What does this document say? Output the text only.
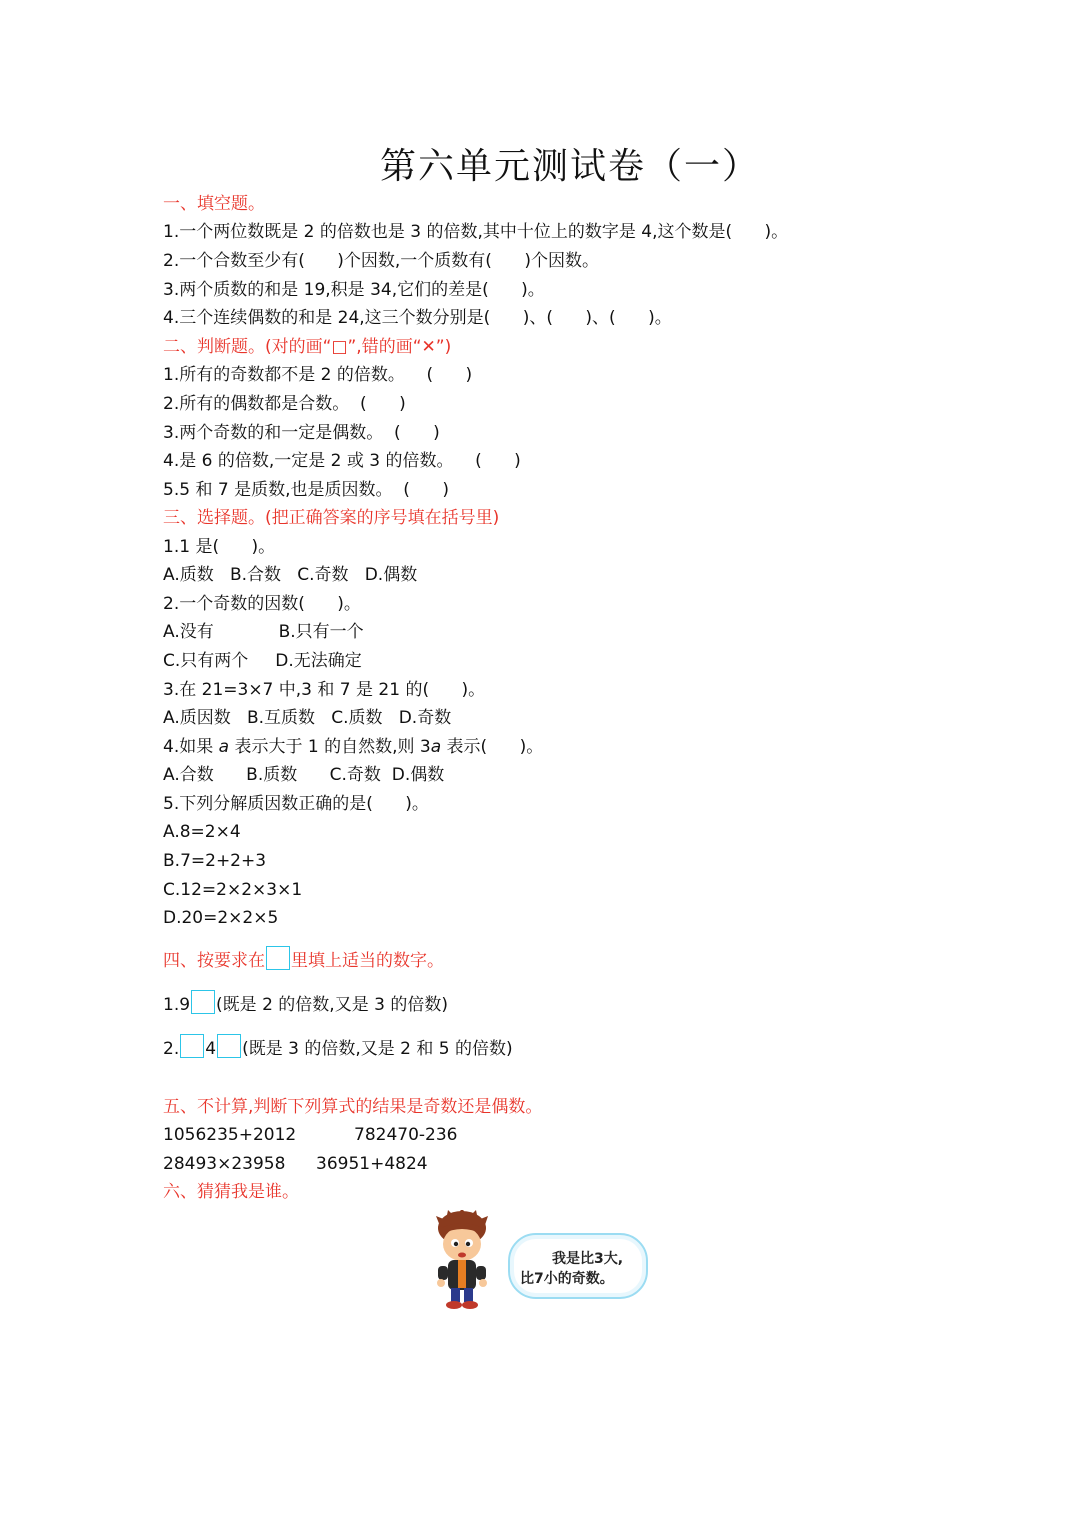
第六单元测试卷（一）
一、填空题。
1.一个两位数既是 2 的倍数也是 3 的倍数,其中十位上的数字是 4,这个数是(      )。
2.一个合数至少有(      )个因数,一个质数有(      )个因数。
3.两个质数的和是 19,积是 34,它们的差是(      )。
4.三个连续偶数的和是 24,这三个数分别是(      )、(      )、(      )。
二、判断题。(对的画“□”,错的画“✕”)
1.所有的奇数都不是 2 的倍数。    (      )
2.所有的偶数都是合数。  (      )
3.两个奇数的和一定是偶数。  (      )
4.是 6 的倍数,一定是 2 或 3 的倍数。    (      )
5.5 和 7 是质数,也是质因数。  (      )
三、选择题。(把正确答案的序号填在括号里)
1.1 是(      )。
A.质数   B.合数   C.奇数   D.偶数
2.一个奇数的因数(      )。
A.没有            B.只有一个
C.只有两个     D.无法确定
3.在 21=3×7 中,3 和 7 是 21 的(      )。
A.质因数   B.互质数   C.质数   D.奇数
4.如果 a 表示大于 1 的自然数,则 3a 表示(      )。
A.合数      B.质数      C.奇数  D.偶数
5.下列分解质因数正确的是(      )。
A.8=2×4
B.7=2+2+3
C.12=2×2×3×1
D.20=2×2×5
四、按要求在 里填上适当的数字。
1.9 (既是 2 的倍数,又是 3 的倍数)
2. 4 (既是 3 的倍数,又是 2 和 5 的倍数)
五、不计算,判断下列算式的结果是奇数还是偶数。
1056235+2012	782470-236
28493×23958 36951+4824
六、猜猜我是谁。
我是比3大,
比7小的奇数。
